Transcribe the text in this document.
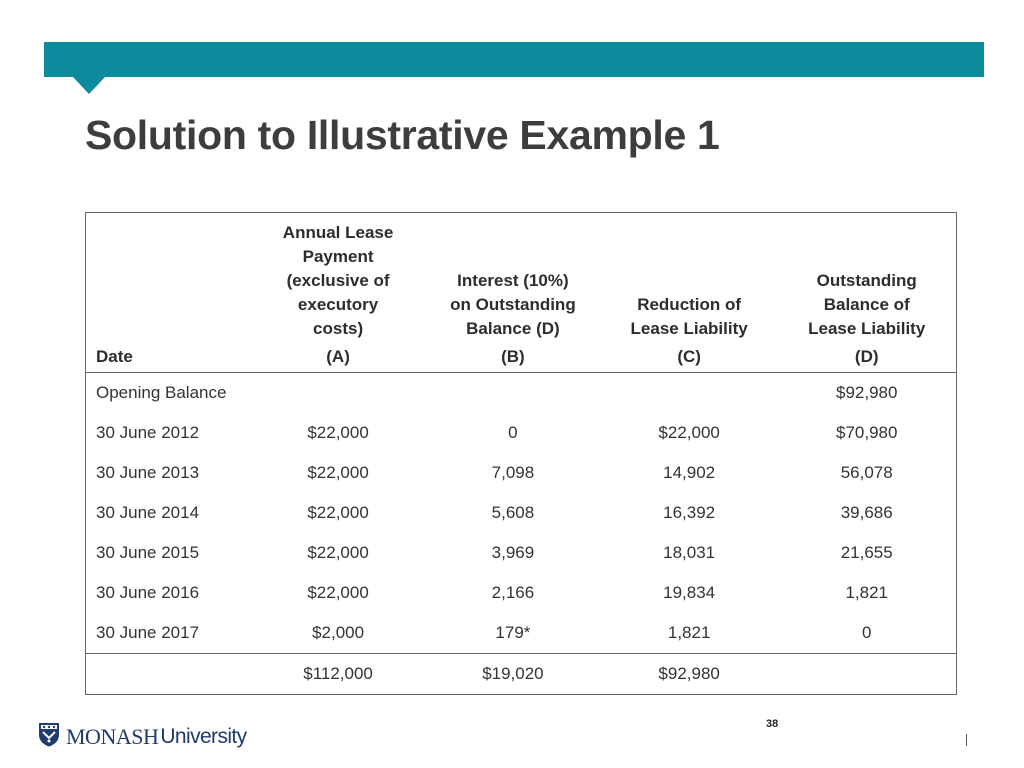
Solution to Illustrative Example 1

	Annual Lease
Payment
(exclusive of
executory
costs)	Interest (10%)
on Outstanding
Balance (D)	Reduction of
Lease Liability	Outstanding
Balance of
Lease Liability

Date	(A)	(B)	(C)	(D)
Opening Balance				$92,980
30 June 2012	$22,000	0	$22,000	$70,980
30 June 2013	$22,000	7,098	14,902	56,078
30 June 2014	$22,000	5,608	16,392	39,686
30 June 2015	$22,000	3,969	18,031	21,655
30 June 2016	$22,000	2,166	19,834	1,821
30 June 2017	$2,000	179*	1,821	0
	$112,000	$19,020	$92,980	
MONASH University
38
